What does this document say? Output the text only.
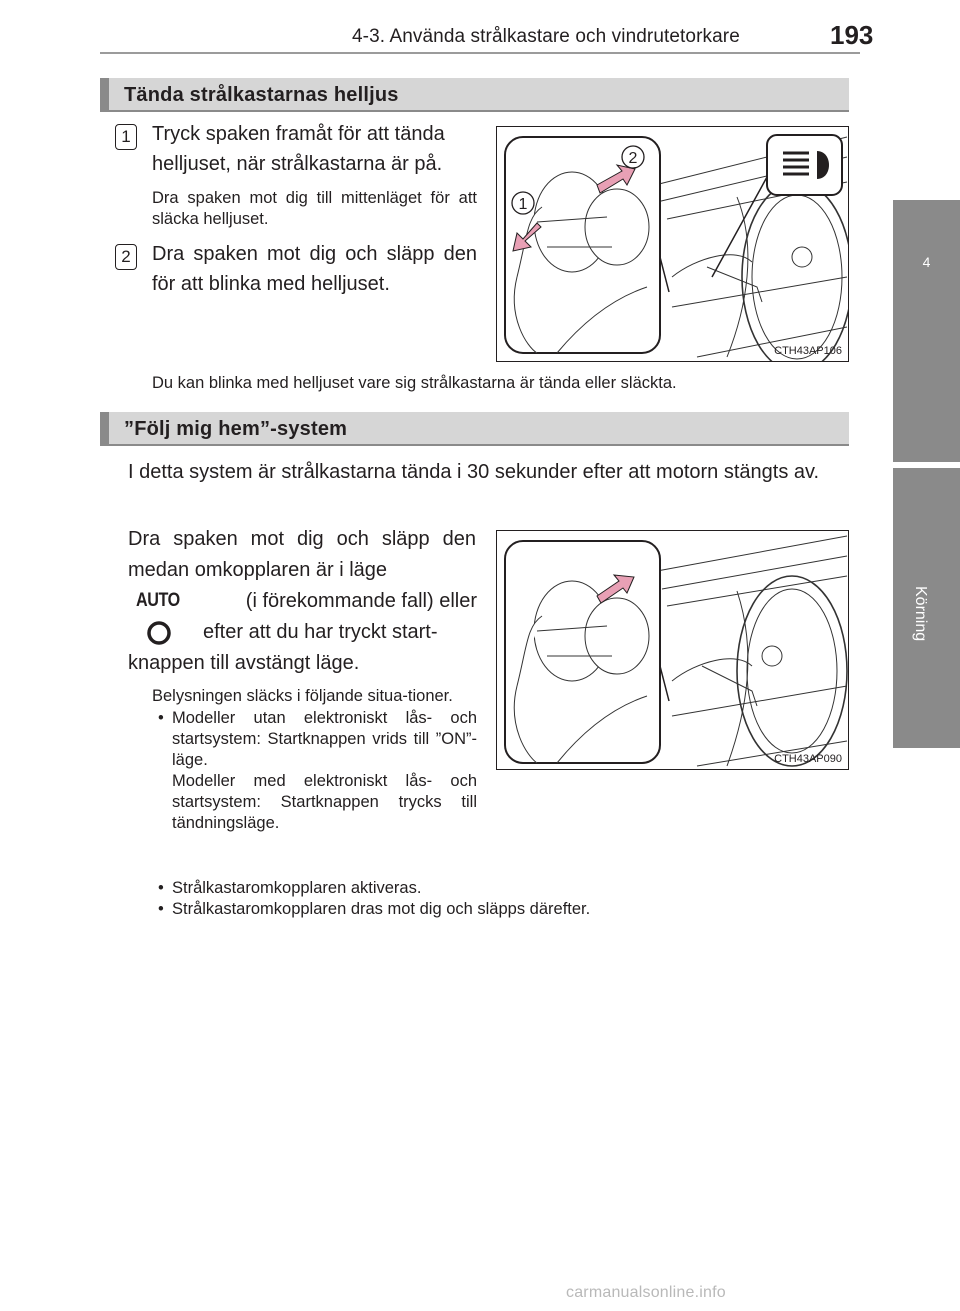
4-3. Använda strålkastare och vindrutetorkare	193
4
Körning
Tända strålkastarnas helljus
1	Tryck spaken framåt för att tända helljuset, när strålkastarna är på.
Dra spaken mot dig till mittenläget för att släcka helljuset.
2	Dra spaken mot dig och släpp den för att blinka med helljuset.
2
1
CTH43AP106
Du kan blinka med helljuset vare sig strålkastarna är tända eller släckta.
”Följ mig hem”-system
I detta system är strålkastarna tända i 30 sekunder efter att motorn stängts av.
Dra spaken mot dig och släpp den medan omkopplaren är i läge
AUTO	(i förekommande fall) eller
efter att du har tryckt start-knappen till avstängt läge.
CTH43AP090
Belysningen släcks i följande situa-tioner.
• Modeller utan elektroniskt lås- och startsystem: Startknappen vrids till ”ON”-läge.
Modeller med elektroniskt lås- och startsystem: Startknappen trycks till tändningsläge.
• Strålkastaromkopplaren aktiveras.
• Strålkastaromkopplaren dras mot dig och släpps därefter.
carmanualsonline.info
